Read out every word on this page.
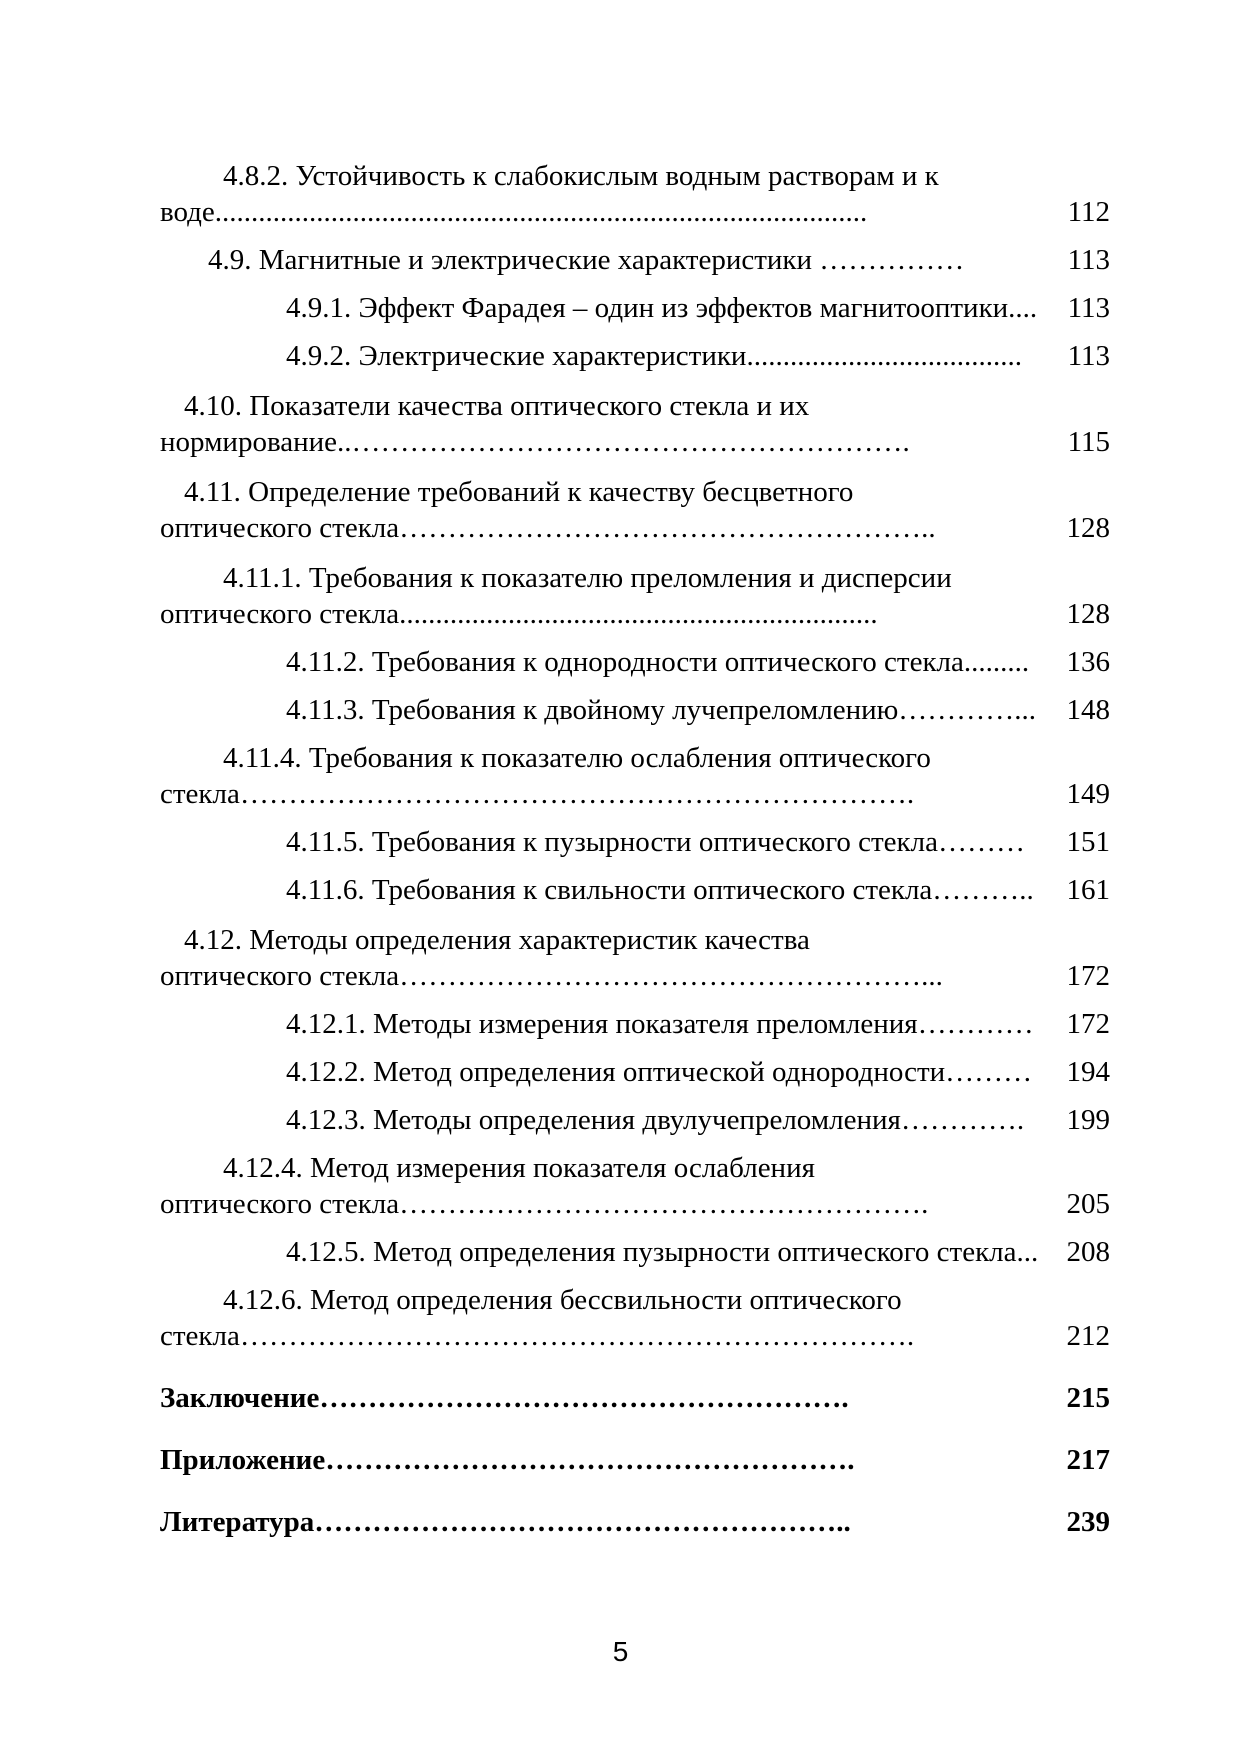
4.8.2. Устойчивость к слабокислым водным растворам и к
воде..........................................................................................	112
4.9. Магнитные и электрические характеристики ……………	113
4.9.1. Эффект Фарадея – один из эффектов магнитооптики.... 113
4.9.2. Электрические характеристики......................................	113
4.10. Показатели качества оптического стекла и их
нормирование..………………………………………………….	115
4.11. Определение требований к качеству бесцветного
оптического стекла………………………………………………..	128
4.11.1. Требования к показателю преломления и дисперсии
оптического стекла..................................................................	128
4.11.2. Требования к однородности оптического стекла.........	136
4.11.3. Требования к двойному лучепреломлению…………... 148
4.11.4. Требования к показателю ослабления оптического
стекла…………………………………………………………….	149
4.11.5. Требования к пузырности оптического стекла………	151
4.11.6. Требования к свильности оптического стекла……….. 161
4.12. Методы определения характеристик качества
оптического стекла………………………………………………...	172
4.12.1. Методы измерения показателя преломления………… 172
4.12.2. Метод определения оптической однородности……… 194
4.12.3. Методы определения двулучепреломления………….	199
4.12.4. Метод измерения показателя ослабления
оптического стекла……………………………………………….	205
4.12.5. Метод определения пузырности оптического стекла... 208
4.12.6. Метод определения бессвильности оптического
стекла…………………………………………………………….	212
Заключение……………………………………………….	215
Приложение……………………………………………….	217
Литература………………………………………………..	239
5
